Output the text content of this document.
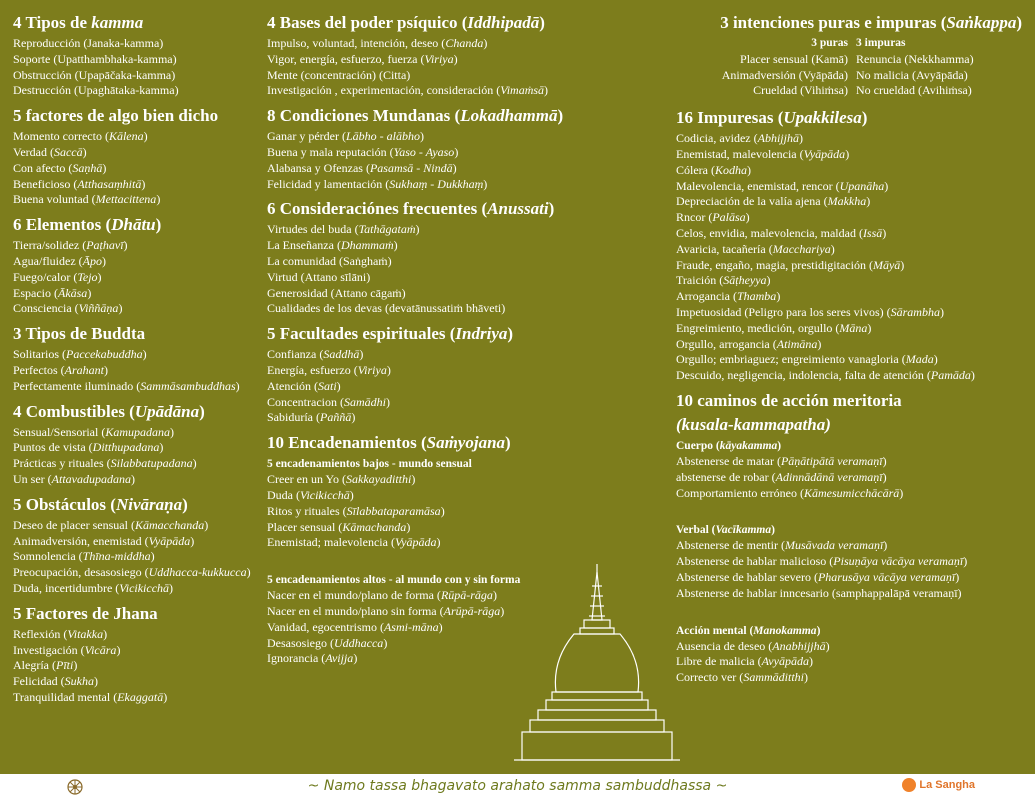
4 Tipos de kamma
Reproducción (Janaka-kamma)
Soporte (Upatthambhaka-kamma)
Obstrucción (Upapāčaka-kamma)
Destrucción (Upaghātaka-kamma)
5 factores de algo bien dicho
Momento correcto (Kālena)
Verdad (Saccā)
Con afecto (Saṇhā)
Beneficioso (Atthasaṃhitā)
Buena voluntad (Mettacittena)
6 Elementos (Dhātu)
Tierra/solidez (Paṭhavī)
Agua/fluidez (Āpo)
Fuego/calor (Tejo)
Espacio (Ākāsa)
Consciencia (Viññāṇa)
3 Tipos de Buddta
Solitarios (Paccekabuddha)
Perfectos (Arahant)
Perfectamente iluminado (Sammāsambuddhas)
4 Combustibles (Upādāna)
Sensual/Sensorial (Kamupadana)
Puntos de vista (Ditthupadana)
Prácticas y rituales (Silabbatupadana)
Un ser (Attavadupadana)
5 Obstáculos (Nivāraṇa)
Deseo de placer sensual (Kāmacchanda)
Animadversión, enemistad (Vyāpāda)
Somnolencia (Thīna-middha)
Preocupación, desasosiego (Uddhacca-kukkucca)
Duda, incertidumbre (Vicikicchā)
5 Factores de Jhana
Reflexión (Vitakka)
Investigación (Vicāra)
Alegría (Pīti)
Felicidad (Sukha)
Tranquilidad mental (Ekaggatā)
4 Bases del poder psíquico (Iddhipadā)
Impulso, voluntad, intención, deseo (Chanda)
Vigor, energía, esfuerzo, fuerza (Viriya)
Mente (concentración) (Citta)
Investigación , experimentación, consideración (Vimaṁsā)
8 Condiciones Mundanas (Lokadhammā)
Ganar y pérder (Lābho - alābho)
Buena y mala reputación (Yaso - Ayaso)
Alabansa y Ofenzas (Pasamsā - Nindā)
Felicidad y lamentación (Sukhaṃ - Dukkhaṃ)
6 Consideraciónes frecuentes (Anussati)
Virtudes del buda (Tathāgataṁ)
La Enseñanza (Dhammaṁ)
La comunidad (Saṅghaṁ)
Virtud (Attano sīlāni)
Generosidad (Attano cāgaṁ)
Cualidades de los devas (devatānussatiṁ bhāveti)
5 Facultades espirituales (Indriya)
Confianza (Saddhā)
Energía, esfuerzo (Viriya)
Atención (Sati)
Concentracion (Samādhi)
Sabiduría (Paññā)
10 Encadenamientos (Saṁyojana)
5 encadenamientos bajos - mundo sensual
Creer en un Yo (Sakkayaditthi)
Duda (Vicikicchā)
Ritos y rituales (Sīlabbataparamāsa)
Placer sensual (Kāmachanda)
Enemistad; malevolencia (Vyāpāda)
5 encadenamientos altos - al mundo con y sin forma
Nacer en el mundo/plano de forma (Rūpā-rāga)
Nacer en el mundo/plano sin forma (Arūpā-rāga)
Vanidad, egocentrismo (Asmi-māna)
Desasosiego (Uddhacca)
Ignorancia (Avijja)
3 intenciones puras e impuras (Saṅkappa)
3 puras 3 impuras
Placer sensual (Kamā) Renuncia (Nekkhamma)
Animadversión (Vyāpāda) No malicia (Avyāpāda)
Crueldad (Vihiṁsa) No crueldad (Avihiṁsa)
16 Impuresas (Upakkilesa)
Codicia, avidez (Abhijjhā)
Enemistad, malevolencia (Vyāpāda)
Cólera (Kodha)
Malevolencia, enemistad, rencor (Upanāha)
Depreciación de la valía ajena (Makkha)
Rncor (Palāsa)
Celos, envidia, malevolencia, maldad (Issā)
Avaricia, tacañería (Macchariya)
Fraude, engaño, magia, prestidigitación (Māyā)
Traición (Sāṭheyya)
Arrogancia (Thamba)
Impetuosidad (Peligro para los seres vivos) (Sārambha)
Engreimiento, medición, orgullo (Māna)
Orgullo, arrogancia (Atimāna)
Orgullo; embriaguez; engreimiento vanagloria (Mada)
Descuido, negligencia, indolencia, falta de atención (Pamāda)
10 caminos de acción meritoria
(kusala-kammapatha)
Cuerpo (kāyakamma)
Abstenerse de matar (Pāṇātipātā veramaṇī)
abstenerse de robar (Adinnādānā veramaṇī)
Comportamiento erróneo (Kāmesumicchācārā)
Verbal (Vacīkamma)
Abstenerse de mentir (Musāvada veramaṇī)
Abstenerse de hablar malicioso (Pisuṇāya vācāya veramaṇī)
Abstenerse de hablar severo (Pharusāya vācāya veramaṇī)
Abstenerse de hablar inncesario (samphappalāpā veramaṇī)
Acción mental (Manokamma)
Ausencia de deseo (Anabhijjhā)
Libre de malicia (Avyāpāda)
Correcto ver (Sammāditthi)
~ Namo tassa bhagavato arahato samma sambuddhassa ~	La Sangha
